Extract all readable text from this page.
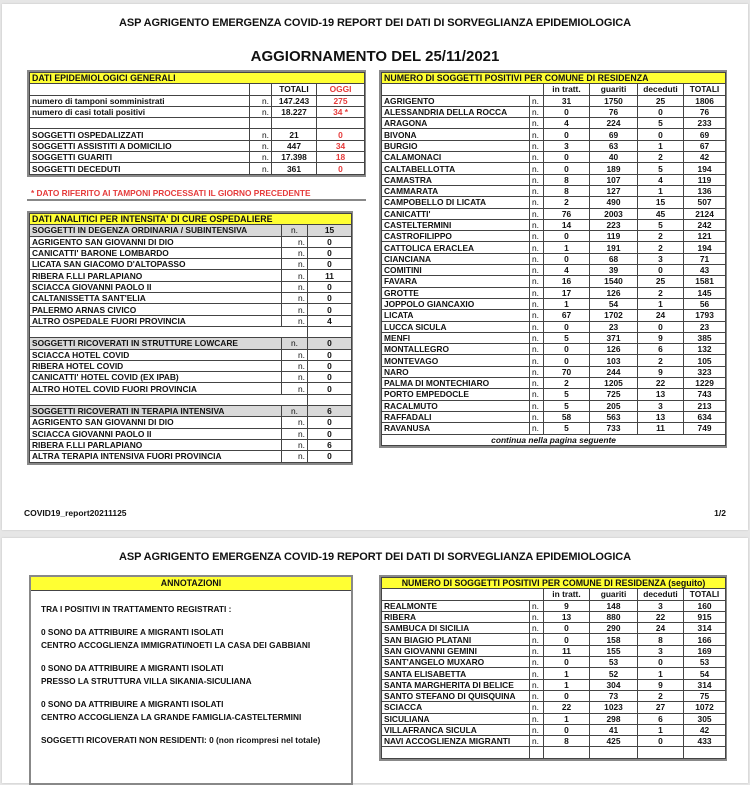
ASP AGRIGENTO EMERGENZA COVID-19 REPORT DEI DATI DI SORVEGLIANZA EPIDEMIOLOGICA
AGGIORNAMENTO DEL 25/11/2021
DATI EPIDEMIOLOGICI GENERALI			
		TOTALI	OGGI
numero di tamponi somministrati	n.	147.243	275
numero di casi totali positivi	n.	18.227	34 *

SOGGETTI OSPEDALIZZATI	n.	21	0
SOGGETTI ASSISTITI A DOMICILIO	n.	447	34
SOGGETTI GUARITI	n.	17.398	18
SOGGETTI DECEDUTI	n.	361	0
* DATO RIFERITO AI TAMPONI PROCESSATI IL GIORNO PRECEDENTE
DATI ANALITICI PER INTENSITA' DI CURE OSPEDALIERE		
SOGGETTI IN DEGENZA ORDINARIA / SUBINTENSIVA	n.	15
AGRIGENTO SAN GIOVANNI DI DIO	n.	0
CANICATTI' BARONE LOMBARDO	n.	0
LICATA SAN GIACOMO D'ALTOPASSO	n.	0
RIBERA F.LLI PARLAPIANO	n.	11
SCIACCA GIOVANNI PAOLO II	n.	0
CALTANISSETTA SANT'ELIA	n.	0
PALERMO ARNAS CIVICO	n.	0
ALTRO OSPEDALE FUORI PROVINCIA	n.	4

SOGGETTI RICOVERATI IN STRUTTURE LOWCARE	n.	0
SCIACCA HOTEL COVID	n.	0
RIBERA HOTEL COVID	n.	0
CANICATTI' HOTEL COVID (EX IPAB)	n.	0
ALTRO HOTEL COVID FUORI PROVINCIA	n.	0

SOGGETTI RICOVERATI IN TERAPIA INTENSIVA	n.	6
AGRIGENTO SAN GIOVANNI DI DIO	n.	0
SCIACCA GIOVANNI PAOLO II	n.	0
RIBERA F.LLI PARLAPIANO	n.	6
ALTRA TERAPIA INTENSIVA FUORI PROVINCIA	n.	0
NUMERO DI SOGGETTI POSITIVI PER COMUNE DI RESIDENZA					
		in tratt.	guariti	deceduti	TOTALI
AGRIGENTO	n.	31	1750	25	1806
ALESSANDRIA DELLA ROCCA	n.	0	76	0	76
ARAGONA	n.	4	224	5	233
BIVONA	n.	0	69	0	69
BURGIO	n.	3	63	1	67
CALAMONACI	n.	0	40	2	42
CALTABELLOTTA	n.	0	189	5	194
CAMASTRA	n.	8	107	4	119
CAMMARATA	n.	8	127	1	136
CAMPOBELLO DI LICATA	n.	2	490	15	507
CANICATTI'	n.	76	2003	45	2124
CASTELTERMINI	n.	14	223	5	242
CASTROFILIPPO	n.	0	119	2	121
CATTOLICA ERACLEA	n.	1	191	2	194
CIANCIANA	n.	0	68	3	71
COMITINI	n.	4	39	0	43
FAVARA	n.	16	1540	25	1581
GROTTE	n.	17	126	2	145
JOPPOLO GIANCAXIO	n.	1	54	1	56
LICATA	n.	67	1702	24	1793
LUCCA SICULA	n.	0	23	0	23
MENFI	n.	5	371	9	385
MONTALLEGRO	n.	0	126	6	132
MONTEVAGO	n.	0	103	2	105
NARO	n.	70	244	9	323
PALMA DI MONTECHIARO	n.	2	1205	22	1229
PORTO EMPEDOCLE	n.	5	725	13	743
RACALMUTO	n.	5	205	3	213
RAFFADALI	n.	58	563	13	634
RAVANUSA	n.	5	733	11	749
continua nella pagina seguente					
COVID19_report20211125	1/2
ASP AGRIGENTO EMERGENZA COVID-19 REPORT DEI DATI DI SORVEGLIANZA EPIDEMIOLOGICA
ANNOTAZIONI
TRA I POSITIVI IN TRATTAMENTO REGISTRATI :
0 SONO DA ATTRIBUIRE A MIGRANTI ISOLATI
CENTRO ACCOGLIENZA IMMIGRATI/NOETI LA CASA DEI GABBIANI
0 SONO DA ATTRIBUIRE A MIGRANTI ISOLATI
PRESSO LA STRUTTURA VILLA SIKANIA-SICULIANA
0 SONO DA ATTRIBUIRE A MIGRANTI ISOLATI
CENTRO ACCOGLIENZA LA GRANDE FAMIGLIA-CASTELTERMINI
SOGGETTI RICOVERATI NON RESIDENTI: 0 (non ricompresi nel totale)
NUMERO DI SOGGETTI POSITIVI PER COMUNE DI RESIDENZA (seguito)					
		in tratt.	guariti	deceduti	TOTALI
REALMONTE	n.	9	148	3	160
RIBERA	n.	13	880	22	915
SAMBUCA DI SICILIA	n.	0	290	24	314
SAN BIAGIO PLATANI	n.	0	158	8	166
SAN GIOVANNI GEMINI	n.	11	155	3	169
SANT'ANGELO MUXARO	n.	0	53	0	53
SANTA ELISABETTA	n.	1	52	1	54
SANTA MARGHERITA DI BELICE	n.	1	304	9	314
SANTO STEFANO DI QUISQUINA	n.	0	73	2	75
SCIACCA	n.	22	1023	27	1072
SICULIANA	n.	1	298	6	305
VILLAFRANCA SICULA	n.	0	41	1	42
NAVI ACCOGLIENZA MIGRANTI	n.	8	425	0	433
